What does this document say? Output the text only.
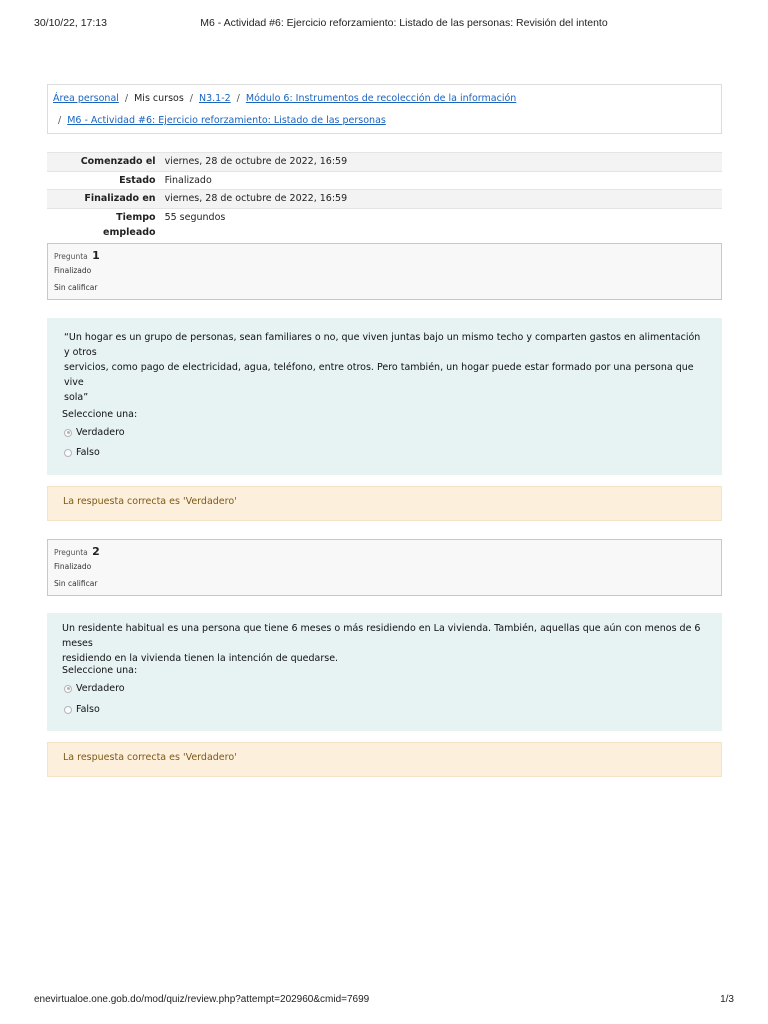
30/10/22, 17:13	M6 - Actividad #6: Ejercicio reforzamiento: Listado de las personas: Revisión del intento
Área personal / Mis cursos / N3.1-2 / Módulo 6: Instrumentos de recolección de la información
/ M6 - Actividad #6: Ejercicio reforzamiento: Listado de las personas
Comenzado el	viernes, 28 de octubre de 2022, 16:59
Estado	Finalizado
Finalizado en	viernes, 28 de octubre de 2022, 16:59
Tiempo empleado	55 segundos
Pregunta 1
Finalizado
Sin calificar
“Un hogar es un grupo de personas, sean familiares o no, que viven juntas bajo un mismo techo y comparten gastos en alimentación y otros
servicios, como pago de electricidad, agua, teléfono, entre otros. Pero también, un hogar puede estar formado por una persona que vive
sola”
Seleccione una:
Verdadero
Falso
La respuesta correcta es 'Verdadero'
Pregunta 2
Finalizado
Sin calificar
Un residente habitual es una persona que tiene 6 meses o más residiendo en La vivienda. También, aquellas que aún con menos de 6 meses
residiendo en la vivienda tienen la intención de quedarse.
Seleccione una:
Verdadero
Falso
La respuesta correcta es 'Verdadero'
enevirtualoe.one.gob.do/mod/quiz/review.php?attempt=202960&cmid=7699	1/3
